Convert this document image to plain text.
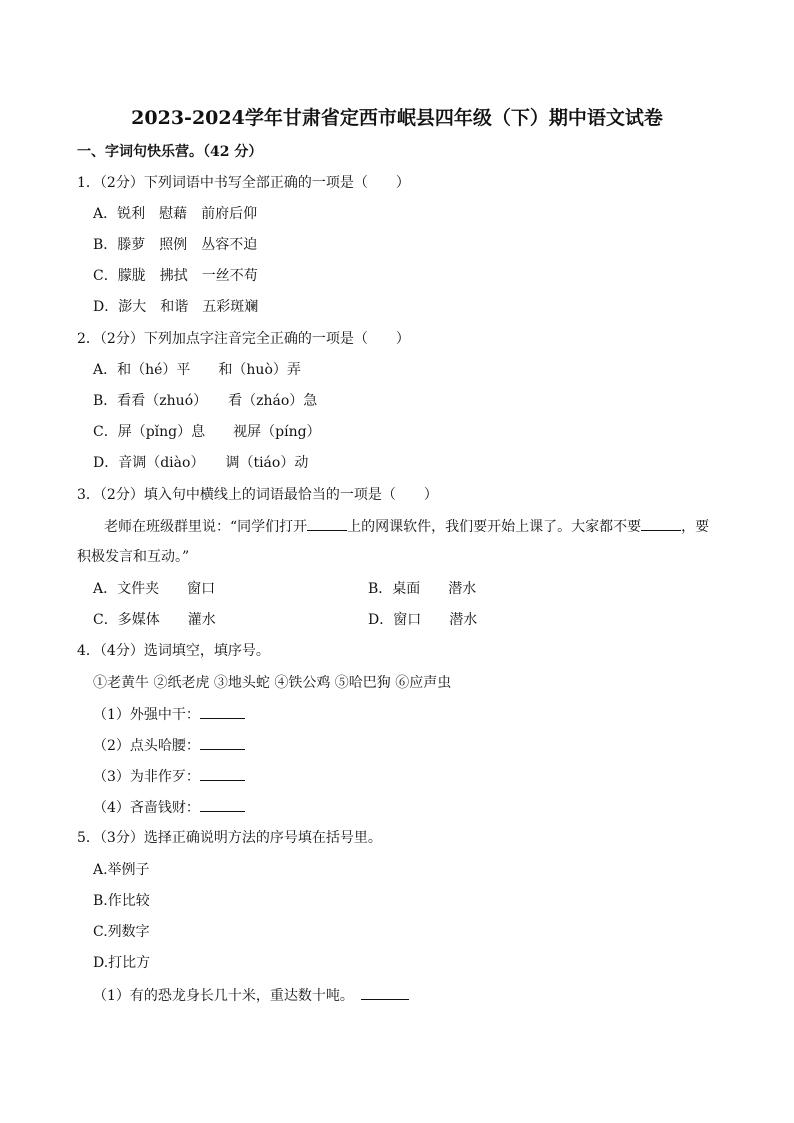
2023-2024学年甘肃省定西市岷县四年级（下）期中语文试卷
一、字词句快乐营。（42 分）
1．（2分）下列词语中书写全部正确的一项是（　　）
A．锐利　慰藉　前府后仰
B．滕萝　照例　丛容不迫
C．朦胧　拂拭　一丝不苟
D．澎大　和谐　五彩斑斓
2．（2分）下列加点字注音完全正确的一项是（　　）
A．和（hé）平　　和（huò）弄
B．看看（zhuó）　　看（zháo）急
C．屏（pǐng）息　　视屏（píng）
D．音调（diào）　　调（tiáo）动
3．（2分）填入句中横线上的词语最恰当的一项是（　　）
老师在班级群里说：“同学们打开	上的网课软件，我们要开始上课了。大家都不要	，要
积极发言和互动。”
A．文件夹　　窗口	B．桌面　　潜水
C．多媒体　　灌水	D．窗口　　潜水
4．（4分）选词填空，填序号。
①老黄牛 ②纸老虎 ③地头蛇 ④铁公鸡 ⑤哈巴狗 ⑥应声虫
（1）外强中干：
（2）点头哈腰：
（3）为非作歹：
（4）吝啬钱财：
5．（3分）选择正确说明方法的序号填在括号里。
A.举例子
B.作比较
C.列数字
D.打比方
（1）有的恐龙身长几十米，重达数十吨。　
